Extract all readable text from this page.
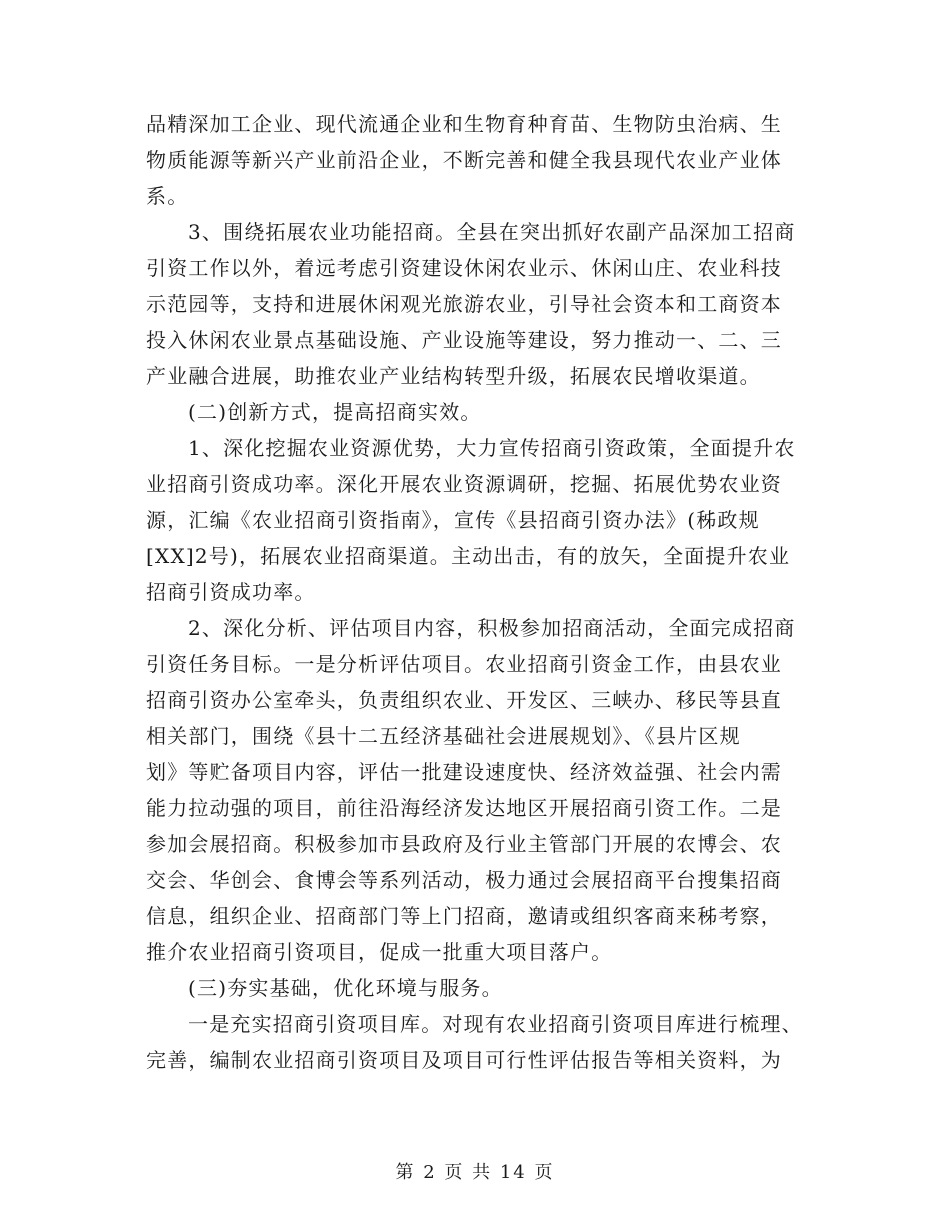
品精深加工企业、现代流通企业和生物育种育苗、生物防虫治病、生
物质能源等新兴产业前沿企业，不断完善和健全我县现代农业产业体
系。
3、围绕拓展农业功能招商。全县在突出抓好农副产品深加工招商
引资工作以外，着远考虑引资建设休闲农业示、休闲山庄、农业科技
示范园等，支持和进展休闲观光旅游农业，引导社会资本和工商资本
投入休闲农业景点基础设施、产业设施等建设，努力推动一、二、三
产业融合进展，助推农业产业结构转型升级，拓展农民增收渠道。
(二)创新方式，提高招商实效。
1、深化挖掘农业资源优势，大力宣传招商引资政策，全面提升农
业招商引资成功率。深化开展农业资源调研，挖掘、拓展优势农业资
源，汇编《农业招商引资指南》，宣传《县招商引资办法》(秭政规
[XX]2号)，拓展农业招商渠道。主动出击，有的放矢，全面提升农业
招商引资成功率。
2、深化分析、评估项目内容，积极参加招商活动，全面完成招商
引资任务目标。一是分析评估项目。农业招商引资金工作，由县农业
招商引资办公室牵头，负责组织农业、开发区、三峡办、移民等县直
相关部门，围绕《县十二五经济基础社会进展规划》、《县片区规
划》等贮备项目内容，评估一批建设速度快、经济效益强、社会内需
能力拉动强的项目，前往沿海经济发达地区开展招商引资工作。二是
参加会展招商。积极参加市县政府及行业主管部门开展的农博会、农
交会、华创会、食博会等系列活动，极力通过会展招商平台搜集招商
信息，组织企业、招商部门等上门招商，邀请或组织客商来秭考察，
推介农业招商引资项目，促成一批重大项目落户。
(三)夯实基础，优化环境与服务。
一是充实招商引资项目库。对现有农业招商引资项目库进行梳理、
完善，编制农业招商引资项目及项目可行性评估报告等相关资料，为
第 2 页 共 14 页
